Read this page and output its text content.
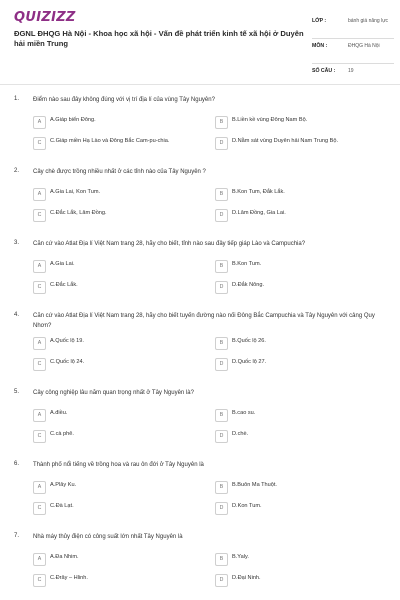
QUIZIZZ
ĐGNL ĐHQG Hà Nội - Khoa học xã hội - Vấn đề phát triển kinh tế xã hội ở Duyên hải miền Trung
LỚP :	bánh giá năng lực
MÔN :	ĐHQG Hà Nội
SỐ CÂU :	19
1. Điểm nào sau đây không đúng với vị trí địa lí của vùng Tây Nguyên?
A	A.Giáp biển Đông.	B	B.Liền kề vùng Đông Nam Bộ.
C	C.Giáp miền Hạ Lào và Đông Bắc Cam-pu-chia.	D	D.Nằm sát vùng Duyên hải Nam Trung Bộ.
2. Cây chè được trồng nhiều nhất ở các tỉnh nào của Tây Nguyên ?
A	A.Gia Lai, Kon Tum.	B	B.Kon Tum, Đắk Lắk.
C	C.Đắc Lắk, Lâm Đồng.	D	D.Lâm Đồng, Gia Lai.
3. Căn cứ vào Atlat Địa lí Việt Nam trang 28, hãy cho biết, tỉnh nào sau đây tiếp giáp Lào và Campuchia?
A	A.Gia Lai.	B	B.Kon Tum.
C	C.Đắc Lắk.	D	D.Đắk Nông.
4. Căn cứ vào Atlat Địa lí Việt Nam trang 28, hãy cho biết tuyến đường nào nối Đông Bắc Campuchia và Tây Nguyên với cảng Quy Nhơn?
A	A.Quốc lộ 19.	B	B.Quốc lộ 26.
C	C.Quốc lộ 24.	D	D.Quốc lộ 27.
5. Cây công nghiệp lâu năm quan trọng nhất ở Tây Nguyên là?
A	A.điều.	B	B.cao su.
C	C.cà phê.	D	D.chè.
6. Thành phố nổi tiếng về trồng hoa và rau ôn đới ở Tây Nguyên là
A	A.Plây Ku.	B	B.Buôn Ma Thuột.
C	C.Đà Lạt.	D	D.Kon Tum.
7. Nhà máy thủy điện có công suất lớn nhất Tây Nguyên là
A	A.Đa Nhim.	B	B.Yaly.
C	C.Đrây – Hlinh.	D	D.Đại Ninh.
